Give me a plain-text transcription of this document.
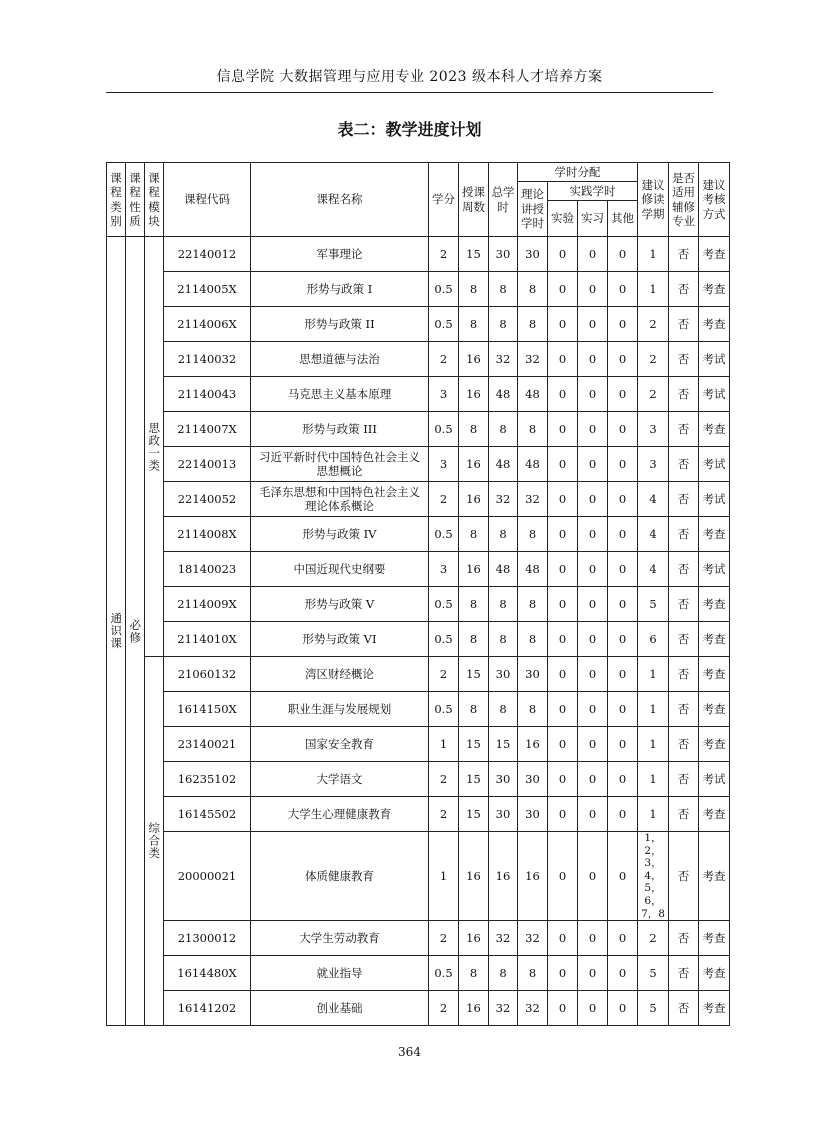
信息学院 大数据管理与应用专业 2023 级本科人才培养方案
表二：教学进度计划
课程类别	课程性质	课程模块	课程代码	课程名称	学分	授课周数	总学时	学时分配				建议修读学期	是否适用辅修专业	建议考核方式
								理论讲授学时	实践学时					
									实验	实习	其他			
通识课	必修	思政一类	22140012	军事理论	2	15	30	30	0	0	0	1	否	考查
			2114005X	形势与政策 I	0.5	8	8	8	0	0	0	1	否	考查
			2114006X	形势与政策 II	0.5	8	8	8	0	0	0	2	否	考查
			21140032	思想道德与法治	2	16	32	32	0	0	0	2	否	考试
			21140043	马克思主义基本原理	3	16	48	48	0	0	0	2	否	考试
			2114007X	形势与政策 III	0.5	8	8	8	0	0	0	3	否	考查
			22140013	习近平新时代中国特色社会主义思想概论	3	16	48	48	0	0	0	3	否	考试
			22140052	毛泽东思想和中国特色社会主义理论体系概论	2	16	32	32	0	0	0	4	否	考试
			2114008X	形势与政策 IV	0.5	8	8	8	0	0	0	4	否	考查
			18140023	中国近现代史纲要	3	16	48	48	0	0	0	4	否	考试
			2114009X	形势与政策 V	0.5	8	8	8	0	0	0	5	否	考查
			2114010X	形势与政策 VI	0.5	8	8	8	0	0	0	6	否	考查
		综合类	21060132	湾区财经概论	2	15	30	30	0	0	0	1	否	考查
			1614150X	职业生涯与发展规划	0.5	8	8	8	0	0	0	1	否	考查
			23140021	国家安全教育	1	15	15	16	0	0	0	1	否	考查
			16235102	大学语文	2	15	30	30	0	0	0	1	否	考试
			16145502	大学生心理健康教育	2	15	30	30	0	0	0	1	否	考查
			20000021	体质健康教育	1	16	16	16	0	0	0	1，2，3，4，5，6，7，8	否	考查
			21300012	大学生劳动教育	2	16	32	32	0	0	0	2	否	考查
			1614480X	就业指导	0.5	8	8	8	0	0	0	5	否	考查
			16141202	创业基础	2	16	32	32	0	0	0	5	否	考查
364
